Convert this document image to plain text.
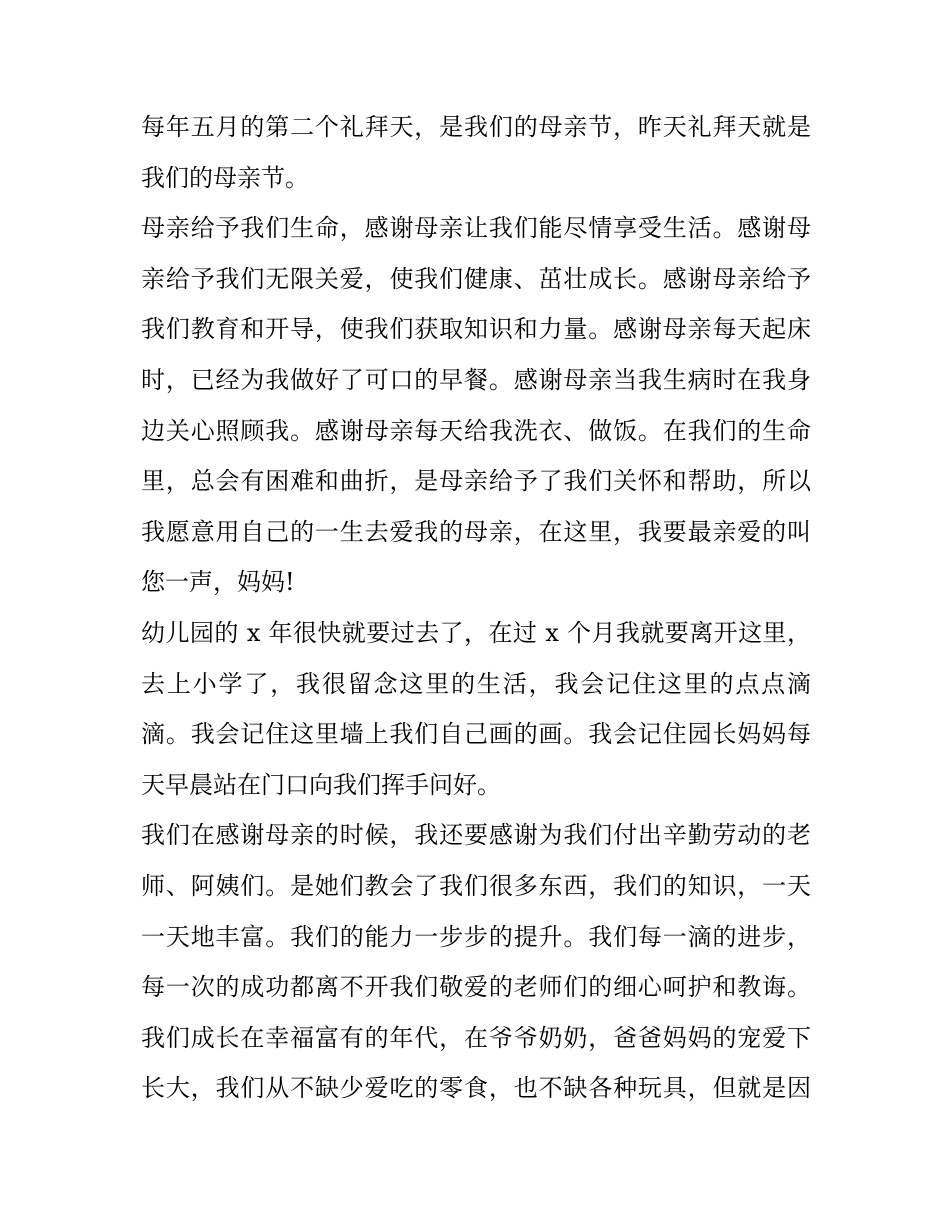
每年五月的第二个礼拜天，是我们的母亲节，昨天礼拜天就是
我们的母亲节。
母亲给予我们生命，感谢母亲让我们能尽情享受生活。感谢母
亲给予我们无限关爱，使我们健康、茁壮成长。感谢母亲给予
我们教育和开导，使我们获取知识和力量。感谢母亲每天起床
时，已经为我做好了可口的早餐。感谢母亲当我生病时在我身
边关心照顾我。感谢母亲每天给我洗衣、做饭。在我们的生命
里，总会有困难和曲折，是母亲给予了我们关怀和帮助，所以
我愿意用自己的一生去爱我的母亲，在这里，我要最亲爱的叫
您一声，妈妈!
幼儿园的 x 年很快就要过去了，在过 x 个月我就要离开这里，
去上小学了，我很留念这里的生活，我会记住这里的点点滴
滴。我会记住这里墙上我们自己画的画。我会记住园长妈妈每
天早晨站在门口向我们挥手问好。
我们在感谢母亲的时候，我还要感谢为我们付出辛勤劳动的老
师、阿姨们。是她们教会了我们很多东西，我们的知识，一天
一天地丰富。我们的能力一步步的提升。我们每一滴的进步，
每一次的成功都离不开我们敬爱的老师们的细心呵护和教诲。
我们成长在幸福富有的年代，在爷爷奶奶，爸爸妈妈的宠爱下
长大，我们从不缺少爱吃的零食，也不缺各种玩具，但就是因
